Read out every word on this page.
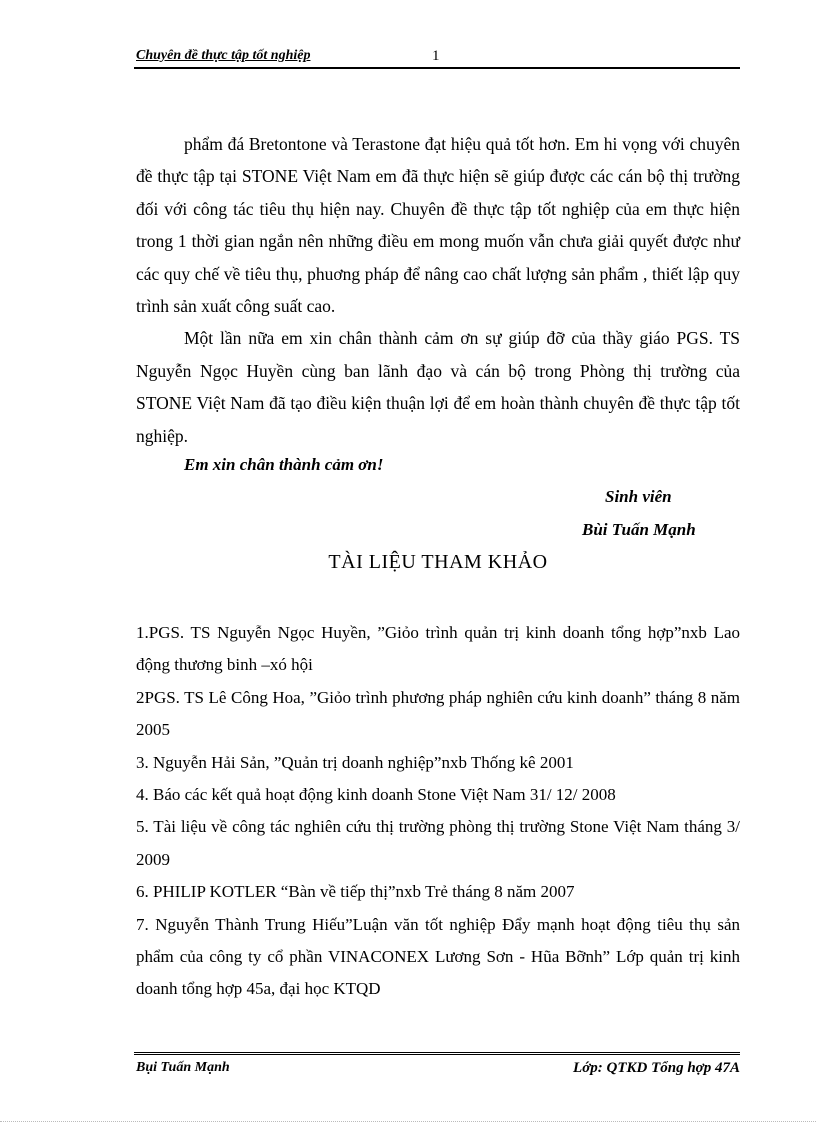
Chuyên đề thực tập tốt nghiệp	1

phẩm đá Bretontone và Terastone đạt hiệu quả tốt hơn. Em hi vọng với chuyên đề thực tập tại STONE Việt Nam em đã thực hiện sẽ giúp được các cán bộ thị trường đối với công tác tiêu thụ hiện nay. Chuyên đề thực tập tốt nghiệp của em thực hiện trong 1 thời gian ngắn nên những điều em mong muốn vẫn chưa giải quyết được như các quy chế về tiêu thụ, phuơng pháp để nâng cao chất lượng sản phẩm , thiết lập quy trình sản xuất công suất cao.

Một lần nữa em xin chân thành cảm ơn sự giúp đỡ của thầy giáo PGS. TS Nguyễn Ngọc Huyền cùng ban lãnh đạo và cán bộ trong Phòng thị trường của STONE Việt Nam đã tạo điều kiện thuận lợi để em hoàn thành chuyên đề thực tập tốt nghiệp.

Em xin chân thành cảm ơn!
Sinh viên
Bùi Tuấn Mạnh
TÀI LIỆU THAM KHẢO

1.PGS. TS Nguyễn Ngọc Huyền, ”Giỏo trình quản trị kinh doanh tổng hợp”nxb Lao động thương binh –xó hội

2PGS. TS Lê Công Hoa, ”Giỏo trình phương pháp nghiên cứu kinh doanh” tháng 8 năm 2005

3. Nguyễn Hải Sản, ”Quản trị doanh nghiệp”nxb Thống kê 2001

4. Báo các kết quả hoạt động kinh doanh Stone Việt Nam 31/ 12/ 2008

5. Tài liệu về công tác nghiên cứu thị trường phòng thị trường Stone Việt Nam tháng 3/ 2009

6. PHILIP KOTLER “Bàn về tiếp thị”nxb Trẻ tháng 8 năm 2007

7. Nguyễn Thành Trung Hiếu”Luận văn tốt nghiệp Đẩy mạnh hoạt động tiêu thụ sản phẩm của công ty cổ phần VINACONEX Lương Sơn - Hũa Bỡnh” Lớp quản trị kinh doanh tổng hợp 45a, đại học KTQD

Bụi Tuấn Mạnh	Lớp: QTKD Tổng hợp 47A
